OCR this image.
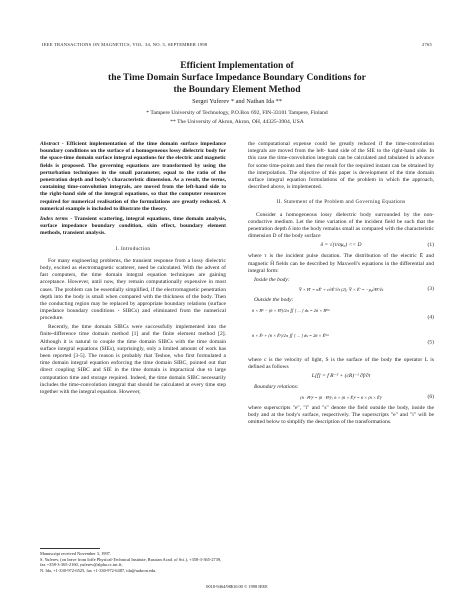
IEEE TRANSACTIONS ON MAGNETICS, VOL. 34, NO. 5, SEPTEMBER 1998	2765
Efficient Implementation of
the Time Domain Surface Impedance Boundary Conditions for
the Boundary Element Method
Sergei Yuferev * and Nathan Ida **
* Tampere University of Technology, P.O.Box 692, FIN-33101 Tampere, Finland
** The University of Akron, Akron, OH, 44325-3904, USA

Abstract - Efficient implementation of the time domain surface impedance boundary conditions on the surface of a homogeneous lossy dielectric body for the space-time domain surface integral equations for the electric and magnetic fields is proposed. The governing equations are transformed by using the perturbation techniques in the small parameter, equal to the ratio of the penetration depth and body's characteristic dimension. As a result, the terms, containing time-convolution integrals, are moved from the left-hand side to the right-hand side of the integral equations, so that the computer resources required for numerical realisation of the formulations are greatly reduced. A numerical example is included to illustrate the theory.

Index terms - Transient scattering, integral equations, time domain analysis, surface impedance boundary condition, skin effect, boundary element methods, transient analysis.

I. Introduction

For many engineering problems, the transient response from a lossy dielectric body, excited as electromagnetic scatterer, need be calculated. With the advent of fast computers, the time domain integral equation techniques are gaining acceptance. However, until now, they remain computationally expensive in most cases. The problem can be essentially simplified, if the electromagnetic penetration depth into the body is small when compared with the thickness of the body. Then the conducting region may be replaced by appropriate boundary relations (surface impedance boundary conditions - SIBCs) and eliminated from the numerical procedure.

Recently, the time domain SIBCs were successfully implemented into the finite-difference time domain method [1] and the finite element method [2]. Although it is natural to couple the time domain SIBCs with the time domain surface integral equations (SIEs), surprisingly, only a limited amount of work has been reported [3-5]. The reason is probably that Teshoe, who first formulated a time domain integral equation enforcing the time domain SIBC, pointed out that direct coupling SIBC and SIE in the time domain is impractical due to large computation time and storage required. Indeed, the time domain SIBC necessarily includes the time-convolution integral that should be calculated at every time step together with the integral equation. However,

the computational expense could be greatly reduced if the time-convolution integrals are moved from the left- hand side of the SIE to the right-hand side. In this case the time-convolution integrals can be calculated and tabulated in advance for some time-points and then the result for the required instant can be obtained by the interpolation. The objective of this paper is development of the time domain surface integral equation formulations of the problem in which the approach, described above, is implemented.

II. Statement of the Problem and Governing Equations

Consider a homogeneous lossy dielectric body surrounded by the non-conductive medium. Let the time variation of the incident field be such that the penetration depth δ into the body remains small as compared with the characteristic dimension D of the body surface

δ = √(τ/σμ₀) << D	(1)

where τ is the incident pulse duration. The distribution of the electric Ē and magnetic H̄ fields can be described by Maxwell's equations in the differential and integral form:

Inside the body:

∇ × H̄' = σĒ' + εᶦ∂Ē'/∂t (2); ∇ × Ē' = −μ₀∂H̄'/∂t	(3)

Outside the body:

n̄ × H̄ᵉ − (n̄ × H̄ⁱ)/2π ∬ [ ... ] ds = 2n̄ × H̄ⁱⁿᶜ
(4)
n̄ × Ēᵉ + (n̄ × Ēᵉ)/2π ∬ [ ... ] ds = 2n̄ × Ēⁱⁿᶜ
(5)

where c is the velocity of light, S is the surface of the body the operator L is defined as follows

L[f] = f R⁻³ + (cR)⁻¹ ∂f/∂t

Boundary relations:

(n̄ · H̄ᶦ)ᵉ = (n̄ · H̄ᶦ)ᶦ; n̄ × (n̄ × Ē)ᵉ = n̄ × (n̄ × Ē)ᶦ	(6)

where superscripts "e", "i" and "s" denote the field outside the body, inside the body and at the body's surface, respectively. The superscripts "e" and "i" will be omitted below to simplify the description of the transformations.

Manuscript received November 3, 1997.

S. Yuferev, (on leave from Ioffe Physical-Technical Institute, Russian Acad. of Sci.), +358-3-365-2739, fax +358-3-365-2160, yuferev@alpha.cc.tut.fi;

N. Ida, +1-330-972-6525, fax +1-330-972-6487, ida@uakron.edu.

0018-9464/98$10.00 © 1998 IEEE
